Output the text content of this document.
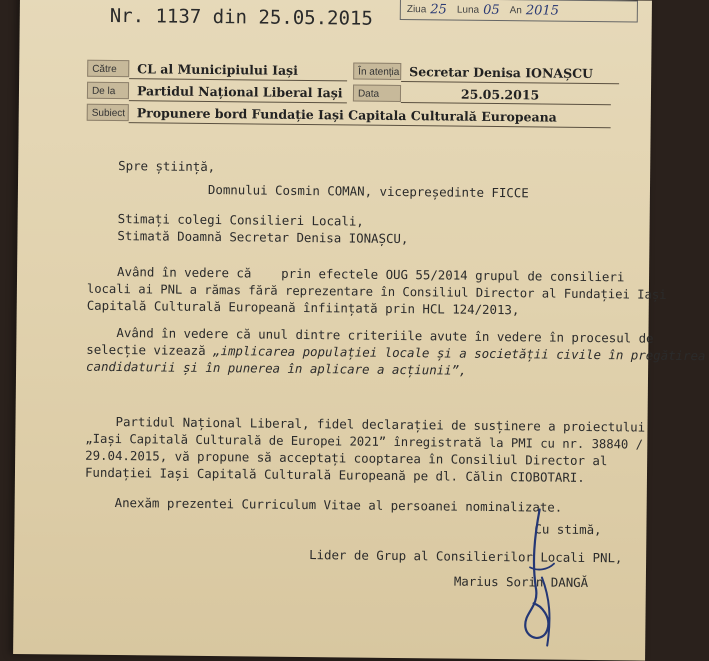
Nr. 1137 din 25.05.2015	Ziua 25 Luna 05 An 2015
Către	CL al Municipiului Iași	În atenția Secretar Denisa IONAȘCU
De la	Partidul Național Liberal Iași	Data	25.05.2015
Subiect Propunere bord Fundație Iași Capitala Culturală Europeana
Spre știință,
Domnului Cosmin COMAN, vicepreședinte FICCE
Stimați colegi Consilieri Locali,
Stimată Doamnă Secretar Denisa IONAȘCU,
Având în vedere că    prin efectele OUG 55/2014 grupul de consilieri
locali ai PNL a rămas fără reprezentare în Consiliul Director al Fundației Iași
Capitală Culturală Europeană înființată prin HCL 124/2013,
Având în vedere că unul dintre criteriile avute în vedere în procesul de
selecție vizează „implicarea populației locale și a societății civile în pregătirea
candidaturii și în punerea în aplicare a acțiunii”,
Partidul Național Liberal, fidel declarației de susținere a proiectului
„Iași Capitală Culturală de Europei 2021” înregistrată la PMI cu nr. 38840 /
29.04.2015, vă propune să acceptați cooptarea în Consiliul Director al
Fundației Iași Capitală Culturală Europeană pe dl. Călin CIOBOTARI.
Anexăm prezentei Curriculum Vitae al persoanei nominalizate.
Cu stimă,
Lider de Grup al Consilierilor Locali PNL,
Marius Sorin DANGĂ
